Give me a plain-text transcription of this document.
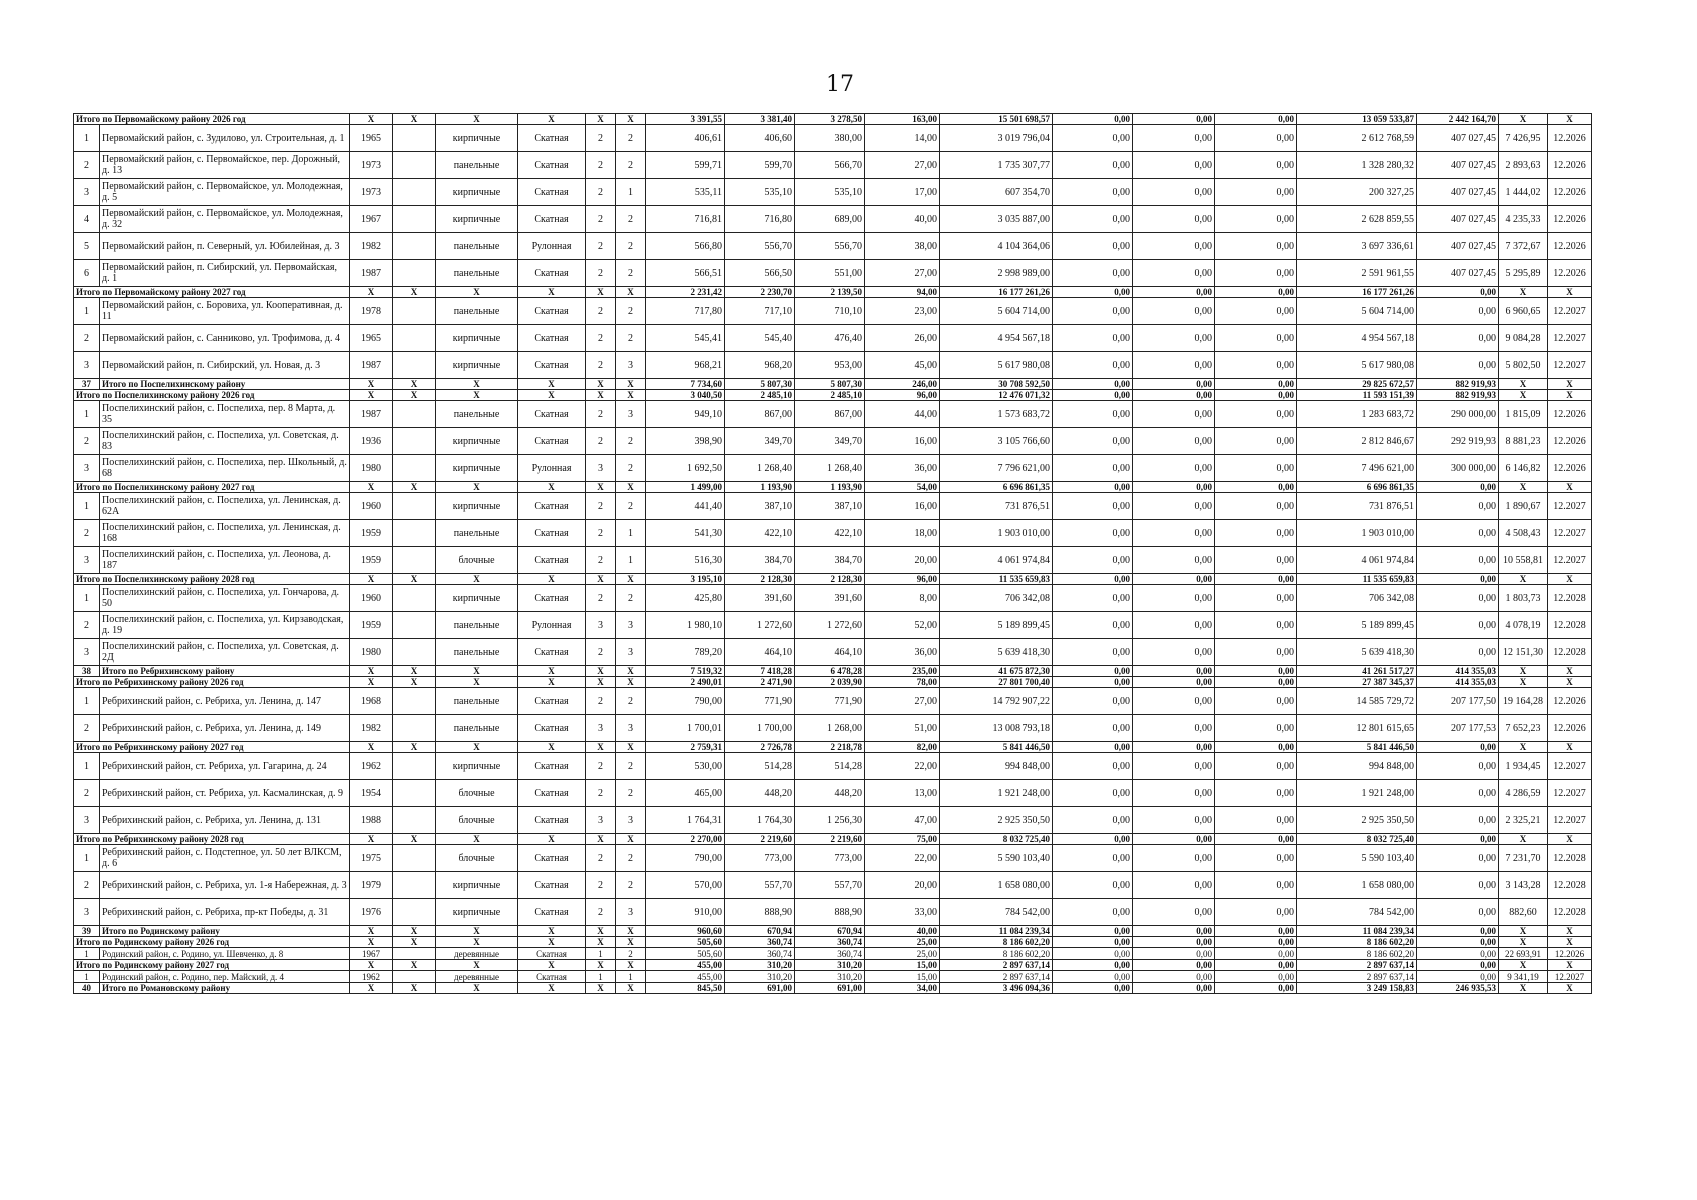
17
Итого по Первомайскому району 2026 год		X	X	X	X	X	X	3 391,55	3 381,40	3 278,50	163,00	15 501 698,57	0,00	0,00	0,00	13 059 533,87	2 442 164,70	X	X
1	Первомайский район, с. Зудилово, ул. Строительная, д. 1	1965		кирпичные	Скатная	2	2	406,61	406,60	380,00	14,00	3 019 796,04	0,00	0,00	0,00	2 612 768,59	407 027,45	7 426,95	12.2026
2	Первомайский район, с. Первомайское, пер. Дорожный, д. 13	1973		панельные	Скатная	2	2	599,71	599,70	566,70	27,00	1 735 307,77	0,00	0,00	0,00	1 328 280,32	407 027,45	2 893,63	12.2026
3	Первомайский район, с. Первомайское, ул. Молодежная, д. 5	1973		кирпичные	Скатная	2	1	535,11	535,10	535,10	17,00	607 354,70	0,00	0,00	0,00	200 327,25	407 027,45	1 444,02	12.2026
4	Первомайский район, с. Первомайское, ул. Молодежная, д. 32	1967		кирпичные	Скатная	2	2	716,81	716,80	689,00	40,00	3 035 887,00	0,00	0,00	0,00	2 628 859,55	407 027,45	4 235,33	12.2026
5	Первомайский район, п. Северный, ул. Юбилейная, д. 3	1982		панельные	Рулонная	2	2	566,80	556,70	556,70	38,00	4 104 364,06	0,00	0,00	0,00	3 697 336,61	407 027,45	7 372,67	12.2026
6	Первомайский район, п. Сибирский, ул. Первомайская, д. 1	1987		панельные	Скатная	2	2	566,51	566,50	551,00	27,00	2 998 989,00	0,00	0,00	0,00	2 591 961,55	407 027,45	5 295,89	12.2026
Итого по Первомайскому району 2027 год		X	X	X	X	X	X	2 231,42	2 230,70	2 139,50	94,00	16 177 261,26	0,00	0,00	0,00	16 177 261,26	0,00	X	X
1	Первомайский район, с. Боровиха, ул. Кооперативная, д. 11	1978		панельные	Скатная	2	2	717,80	717,10	710,10	23,00	5 604 714,00	0,00	0,00	0,00	5 604 714,00	0,00	6 960,65	12.2027
2	Первомайский район, с. Санниково, ул. Трофимова, д. 4	1965		кирпичные	Скатная	2	2	545,41	545,40	476,40	26,00	4 954 567,18	0,00	0,00	0,00	4 954 567,18	0,00	9 084,28	12.2027
3	Первомайский район, п. Сибирский, ул. Новая, д. 3	1987		кирпичные	Скатная	2	3	968,21	968,20	953,00	45,00	5 617 980,08	0,00	0,00	0,00	5 617 980,08	0,00	5 802,50	12.2027
37	Итого по Поспелихинскому району	X	X	X	X	X	X	7 734,60	5 807,30	5 807,30	246,00	30 708 592,50	0,00	0,00	0,00	29 825 672,57	882 919,93	X	X
Итого по Поспелихинскому району 2026 год		X	X	X	X	X	X	3 040,50	2 485,10	2 485,10	96,00	12 476 071,32	0,00	0,00	0,00	11 593 151,39	882 919,93	X	X
1	Поспелихинский район, с. Поспелиха, пер. 8 Марта, д. 35	1987		панельные	Скатная	2	3	949,10	867,00	867,00	44,00	1 573 683,72	0,00	0,00	0,00	1 283 683,72	290 000,00	1 815,09	12.2026
2	Поспелихинский район, с. Поспелиха, ул. Советская, д. 83	1936		кирпичные	Скатная	2	2	398,90	349,70	349,70	16,00	3 105 766,60	0,00	0,00	0,00	2 812 846,67	292 919,93	8 881,23	12.2026
3	Поспелихинский район, с. Поспелиха, пер. Школьный, д. 68	1980		кирпичные	Рулонная	3	2	1 692,50	1 268,40	1 268,40	36,00	7 796 621,00	0,00	0,00	0,00	7 496 621,00	300 000,00	6 146,82	12.2026
Итого по Поспелихинскому району 2027 год		X	X	X	X	X	X	1 499,00	1 193,90	1 193,90	54,00	6 696 861,35	0,00	0,00	0,00	6 696 861,35	0,00	X	X
1	Поспелихинский район, с. Поспелиха, ул. Ленинская, д. 62А	1960		кирпичные	Скатная	2	2	441,40	387,10	387,10	16,00	731 876,51	0,00	0,00	0,00	731 876,51	0,00	1 890,67	12.2027
2	Поспелихинский район, с. Поспелиха, ул. Ленинская, д. 168	1959		панельные	Скатная	2	1	541,30	422,10	422,10	18,00	1 903 010,00	0,00	0,00	0,00	1 903 010,00	0,00	4 508,43	12.2027
3	Поспелихинский район, с. Поспелиха, ул. Леонова, д. 187	1959		блочные	Скатная	2	1	516,30	384,70	384,70	20,00	4 061 974,84	0,00	0,00	0,00	4 061 974,84	0,00	10 558,81	12.2027
Итого по Поспелихинскому району 2028 год		X	X	X	X	X	X	3 195,10	2 128,30	2 128,30	96,00	11 535 659,83	0,00	0,00	0,00	11 535 659,83	0,00	X	X
1	Поспелихинский район, с. Поспелиха, ул. Гончарова, д. 50	1960		кирпичные	Скатная	2	2	425,80	391,60	391,60	8,00	706 342,08	0,00	0,00	0,00	706 342,08	0,00	1 803,73	12.2028
2	Поспелихинский район, с. Поспелиха, ул. Кирзаводская, д. 19	1959		панельные	Рулонная	3	3	1 980,10	1 272,60	1 272,60	52,00	5 189 899,45	0,00	0,00	0,00	5 189 899,45	0,00	4 078,19	12.2028
3	Поспелихинский район, с. Поспелиха, ул. Советская, д. 2Д	1980		панельные	Скатная	2	3	789,20	464,10	464,10	36,00	5 639 418,30	0,00	0,00	0,00	5 639 418,30	0,00	12 151,30	12.2028
38	Итого по Ребрихинскому району	X	X	X	X	X	X	7 519,32	7 418,28	6 478,28	235,00	41 675 872,30	0,00	0,00	0,00	41 261 517,27	414 355,03	X	X
Итого по Ребрихинскому району 2026 год		X	X	X	X	X	X	2 490,01	2 471,90	2 039,90	78,00	27 801 700,40	0,00	0,00	0,00	27 387 345,37	414 355,03	X	X
1	Ребрихинский район, с. Ребриха, ул. Ленина, д. 147	1968		панельные	Скатная	2	2	790,00	771,90	771,90	27,00	14 792 907,22	0,00	0,00	0,00	14 585 729,72	207 177,50	19 164,28	12.2026
2	Ребрихинский район, с. Ребриха, ул. Ленина, д. 149	1982		панельные	Скатная	3	3	1 700,01	1 700,00	1 268,00	51,00	13 008 793,18	0,00	0,00	0,00	12 801 615,65	207 177,53	7 652,23	12.2026
Итого по Ребрихинскому району 2027 год		X	X	X	X	X	X	2 759,31	2 726,78	2 218,78	82,00	5 841 446,50	0,00	0,00	0,00	5 841 446,50	0,00	X	X
1	Ребрихинский район, ст. Ребриха, ул. Гагарина, д. 24	1962		кирпичные	Скатная	2	2	530,00	514,28	514,28	22,00	994 848,00	0,00	0,00	0,00	994 848,00	0,00	1 934,45	12.2027
2	Ребрихинский район, ст. Ребриха, ул. Касмалинская, д. 9	1954		блочные	Скатная	2	2	465,00	448,20	448,20	13,00	1 921 248,00	0,00	0,00	0,00	1 921 248,00	0,00	4 286,59	12.2027
3	Ребрихинский район, с. Ребриха, ул. Ленина, д. 131	1988		блочные	Скатная	3	3	1 764,31	1 764,30	1 256,30	47,00	2 925 350,50	0,00	0,00	0,00	2 925 350,50	0,00	2 325,21	12.2027
Итого по Ребрихинскому району 2028 год		X	X	X	X	X	X	2 270,00	2 219,60	2 219,60	75,00	8 032 725,40	0,00	0,00	0,00	8 032 725,40	0,00	X	X
1	Ребрихинский район, с. Подстепное, ул. 50 лет ВЛКСМ, д. 6	1975		блочные	Скатная	2	2	790,00	773,00	773,00	22,00	5 590 103,40	0,00	0,00	0,00	5 590 103,40	0,00	7 231,70	12.2028
2	Ребрихинский район, с. Ребриха, ул. 1-я Набережная, д. 3	1979		кирпичные	Скатная	2	2	570,00	557,70	557,70	20,00	1 658 080,00	0,00	0,00	0,00	1 658 080,00	0,00	3 143,28	12.2028
3	Ребрихинский район, с. Ребриха, пр-кт Победы, д. 31	1976		кирпичные	Скатная	2	3	910,00	888,90	888,90	33,00	784 542,00	0,00	0,00	0,00	784 542,00	0,00	882,60	12.2028
39	Итого по Родинскому району	X	X	X	X	X	X	960,60	670,94	670,94	40,00	11 084 239,34	0,00	0,00	0,00	11 084 239,34	0,00	X	X
Итого по Родинскому району 2026 год		X	X	X	X	X	X	505,60	360,74	360,74	25,00	8 186 602,20	0,00	0,00	0,00	8 186 602,20	0,00	X	X
1	Родинский район, с. Родино, ул. Шевченко, д. 8	1967		деревянные	Скатная	1	2	505,60	360,74	360,74	25,00	8 186 602,20	0,00	0,00	0,00	8 186 602,20	0,00	22 693,91	12.2026
Итого по Родинскому району 2027 год		X	X	X	X	X	X	455,00	310,20	310,20	15,00	2 897 637,14	0,00	0,00	0,00	2 897 637,14	0,00	X	X
1	Родинский район, с. Родино, пер. Майский, д. 4	1962		деревянные	Скатная	1	1	455,00	310,20	310,20	15,00	2 897 637,14	0,00	0,00	0,00	2 897 637,14	0,00	9 341,19	12.2027
40	Итого по Романовскому району	X	X	X	X	X	X	845,50	691,00	691,00	34,00	3 496 094,36	0,00	0,00	0,00	3 249 158,83	246 935,53	X	X
